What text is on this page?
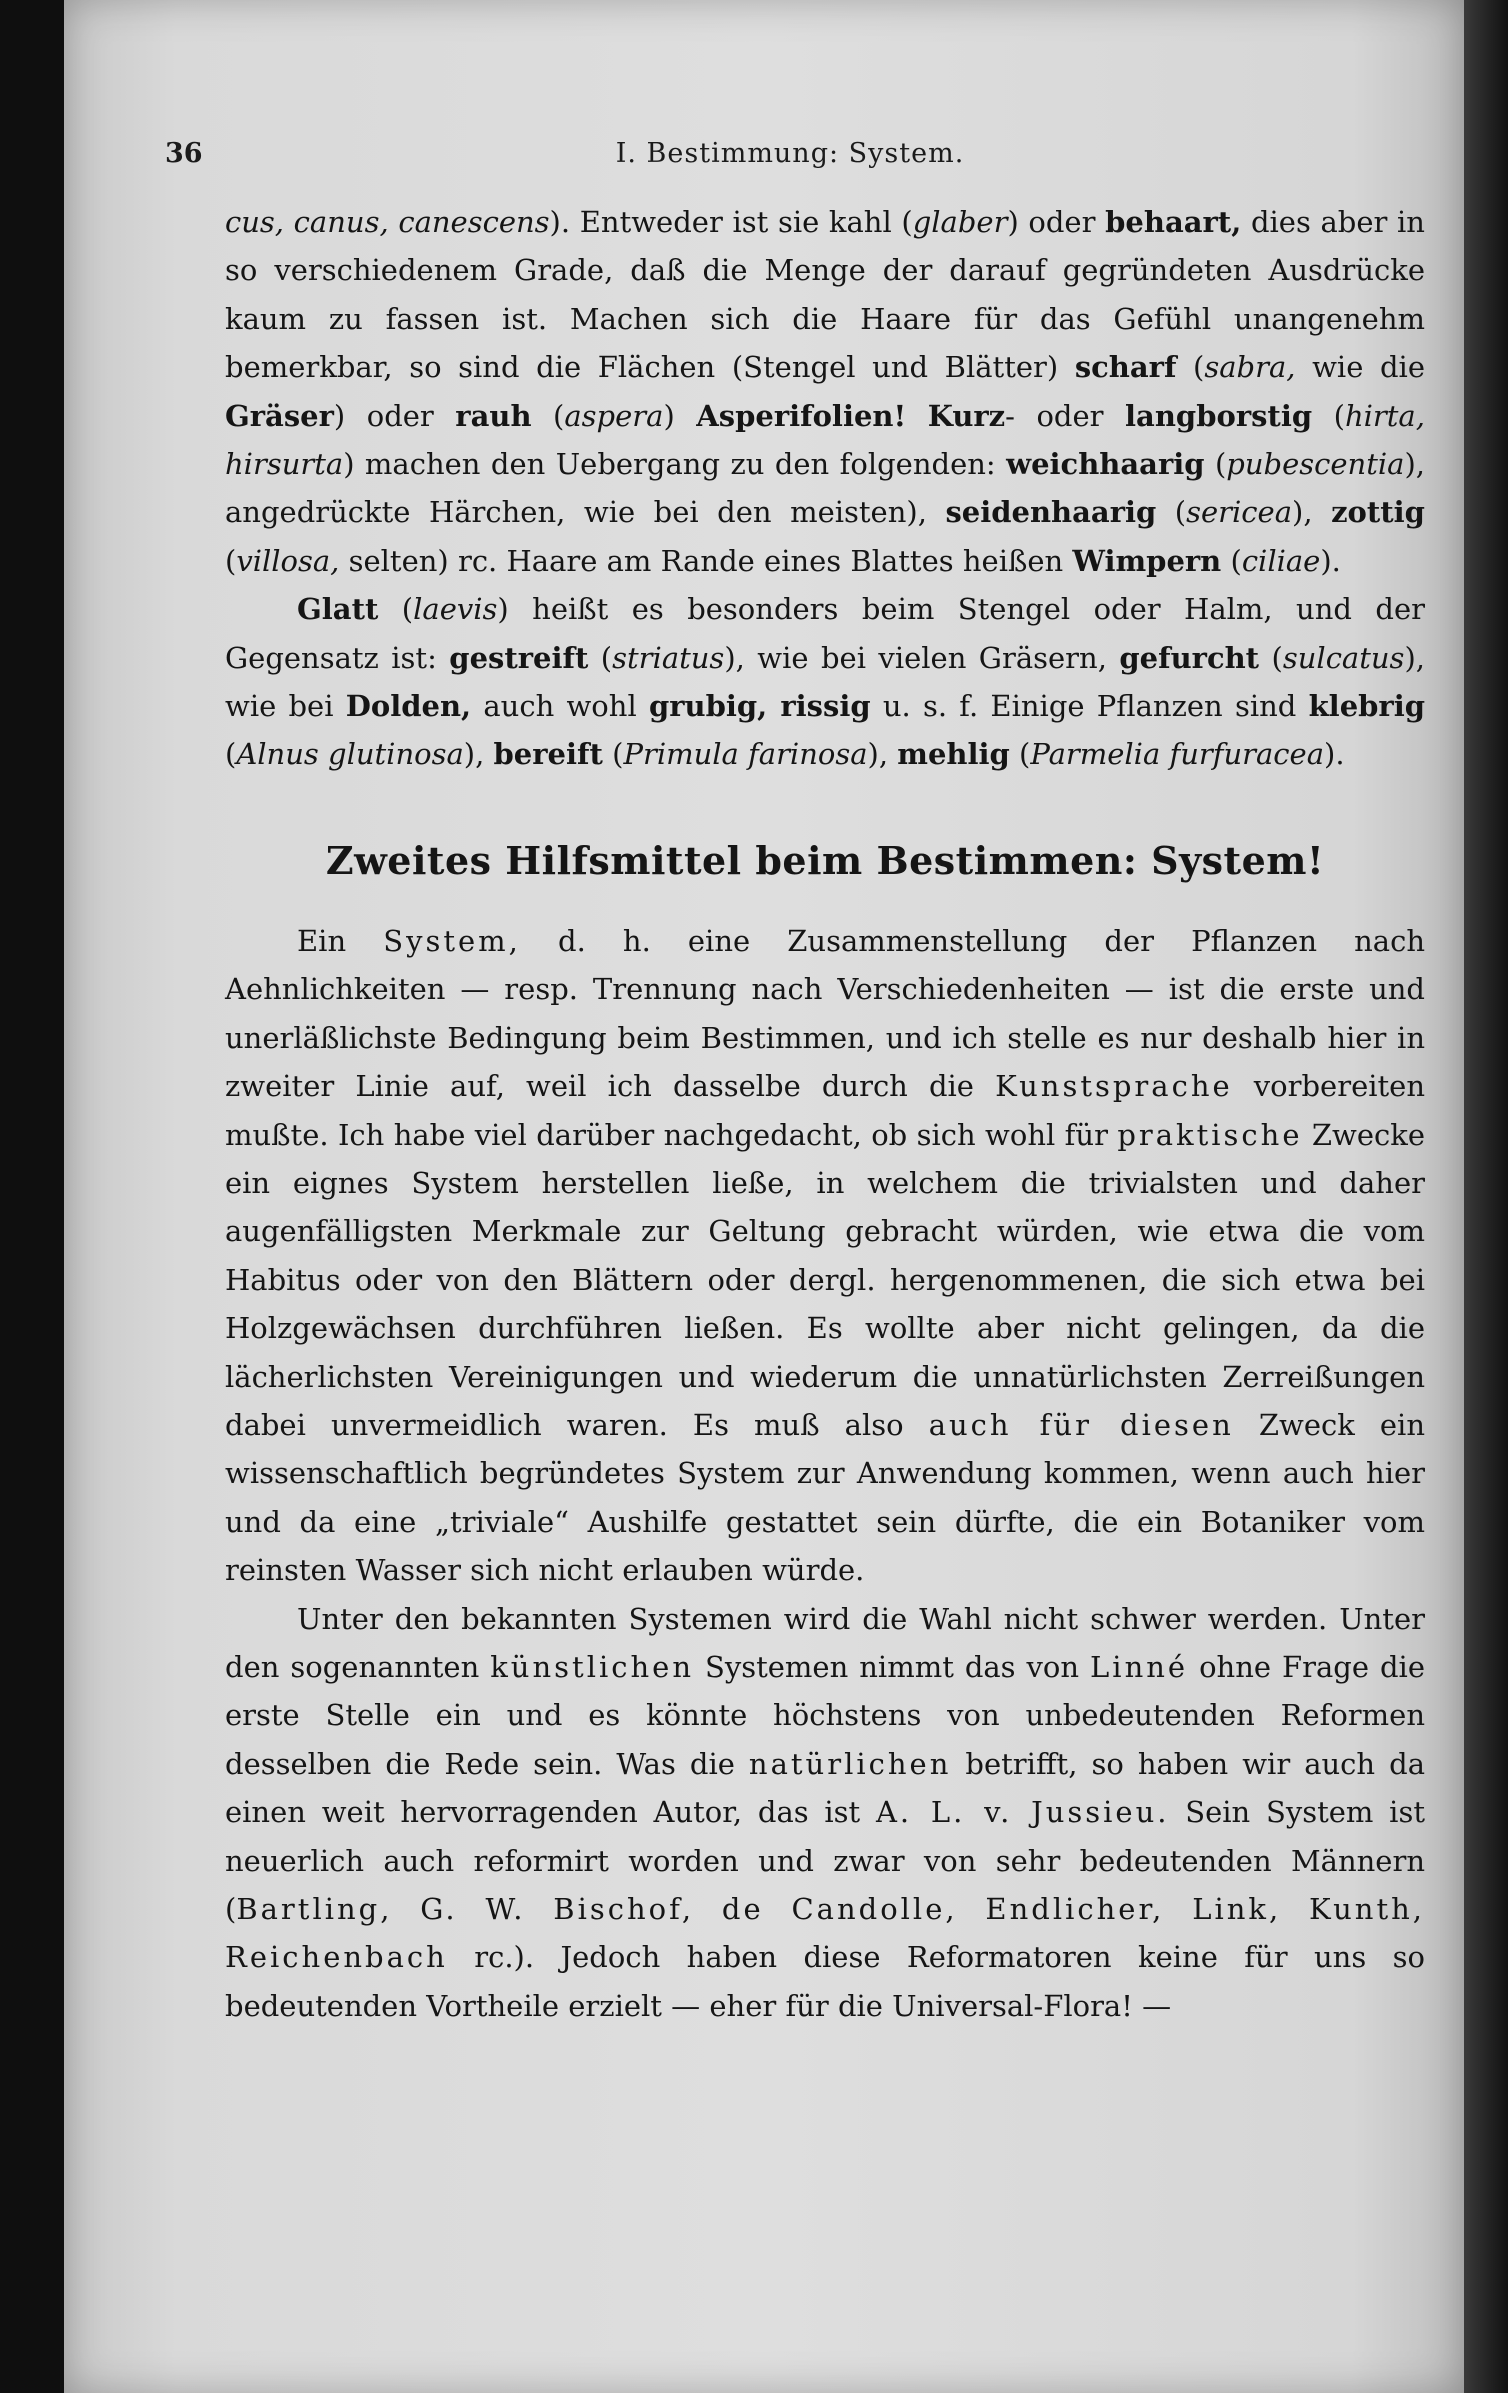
36	I. Bestimmung: System.

cus, canus, canescens). Entweder ist sie kahl (glaber) oder behaart, dies aber in so verschiedenem Grade, daß die Menge der darauf gegründeten Ausdrücke kaum zu fassen ist. Machen sich die Haare für das Gefühl unangenehm bemerkbar, so sind die Flächen (Stengel und Blätter) scharf (sabra, wie die Gräser) oder rauh (aspera) Asperifolien! Kurz- oder langborstig (hirta, hirsurta) machen den Uebergang zu den folgenden: weichhaarig (pubescentia), angedrückte Härchen, wie bei den meisten), seidenhaarig (sericea), zottig (villosa, selten) rc. Haare am Rande eines Blattes heißen Wimpern (ciliae).

Glatt (laevis) heißt es besonders beim Stengel oder Halm, und der Gegensatz ist: gestreift (striatus), wie bei vielen Gräsern, gefurcht (sulcatus), wie bei Dolden, auch wohl grubig, rissig u. s. f. Einige Pflanzen sind klebrig (Alnus glutinosa), bereift (Primula farinosa), mehlig (Parmelia furfuracea).

Zweites Hilfsmittel beim Bestimmen: System!

Ein System, d. h. eine Zusammenstellung der Pflanzen nach Aehnlichkeiten — resp. Trennung nach Verschiedenheiten — ist die erste und unerläßlichste Bedingung beim Bestimmen, und ich stelle es nur deshalb hier in zweiter Linie auf, weil ich dasselbe durch die Kunstsprache vorbereiten mußte. Ich habe viel darüber nachgedacht, ob sich wohl für praktische Zwecke ein eignes System herstellen ließe, in welchem die trivialsten und daher augenfälligsten Merkmale zur Geltung gebracht würden, wie etwa die vom Habitus oder von den Blättern oder dergl. hergenommenen, die sich etwa bei Holzgewächsen durchführen ließen. Es wollte aber nicht gelingen, da die lächerlichsten Vereinigungen und wiederum die unnatürlichsten Zerreißungen dabei unvermeidlich waren. Es muß also auch für diesen Zweck ein wissenschaftlich begründetes System zur Anwendung kommen, wenn auch hier und da eine „triviale“ Aushilfe gestattet sein dürfte, die ein Botaniker vom reinsten Wasser sich nicht erlauben würde.

Unter den bekannten Systemen wird die Wahl nicht schwer werden. Unter den sogenannten künstlichen Systemen nimmt das von Linné ohne Frage die erste Stelle ein und es könnte höchstens von unbedeutenden Reformen desselben die Rede sein. Was die natürlichen betrifft, so haben wir auch da einen weit hervorragenden Autor, das ist A. L. v. Jussieu. Sein System ist neuerlich auch reformirt worden und zwar von sehr bedeutenden Männern (Bartling, G. W. Bischof, de Candolle, Endlicher, Link, Kunth, Reichenbach rc.). Jedoch haben diese Reformatoren keine für uns so bedeutenden Vortheile erzielt — eher für die Universal-Flora! —
